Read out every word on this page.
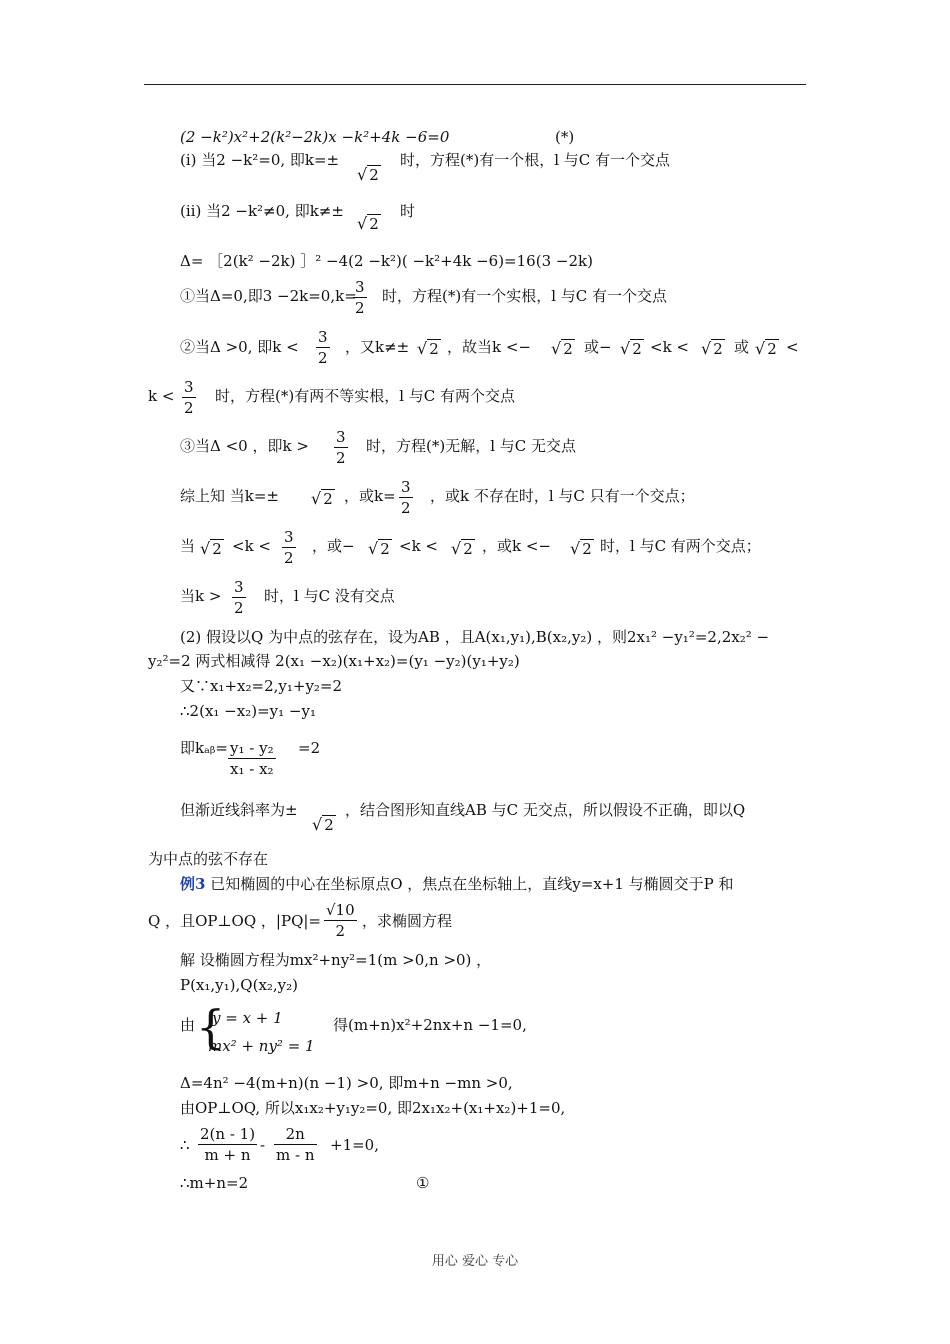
(2 −k²)x²+2(k²−2k)x −k²+4k −6=0	(*)
(ⅰ) 当2 −k²=0, 即k=±
√ 2
时，方程(*)有一个根，l 与C 有一个交点
(ⅱ) 当2 −k²≠0, 即k≠±
√ 2
时
Δ= ［2(k² −2k) ］² −4(2 −k²)( −k²+4k −6)=16(3 −2k)
①当Δ=0,即3 −2k=0,k=
$\frac{3}{2}$ 时，方程(*)有一个实根，l 与C 有一个交点
②当Δ >0, 即$k < \frac{3}{2}$ ，又k≠± √ 2 ，故当k <− √ 2 或− √ 2 <k < √ 2 或 √ 2 <
$k < \frac{3}{2}$ 时，方程(*)有两不等实根，l 与C 有两个交点
③当Δ <0 ，即$k > \frac{3}{2}$ 时，方程(*)无解，l 与C 无交点
综上知 当k=± √ 2 ，或$k= \frac{3}{2}$ ，或k 不存在时，l 与C 只有一个交点；
当 √ $2 <k < \frac{3}{2}$ ，或− √ 2 <k < √ 2 ，或k <− √ 2 时，l 与C 有两个交点；
当$k > \frac{3}{2}$ 时，l 与C 没有交点
(2) 假设以Q 为中点的弦存在，设为AB ，且A(x₁,y₁),B(x₂,y₂) ，则2x₁² −y₁²=2,2x₂² −
y₂²=2 两式相减得 2(x₁ −x₂)(x₁+x₂)=(y₁ −y₂)(y₁+y₂)
又∵x₁+x₂=2,y₁+y₂=2
∴2(x₁ −x₂)=y₁ −y₁
即kₐᵦ= $\frac{\text{y₁ - y₂}}{\text{x₁ - x₂}} =2$
但渐近线斜率为±
√ 2
，结合图形知直线AB 与C 无交点，所以假设不正确，即以Q
为中点的弦不存在
例3 已知椭圆的中心在坐标原点O ，焦点在坐标轴上，直线y=x+1 与椭圆交于P 和
Q ，且OP⊥OQ ，$|PQ|= \frac{√10}{2}$ ，求椭圆方程
解 设椭圆方程为mx²+ny²=1(m >0,n >0) ，
P(x₁,y₁),Q(x₂,y₂)
由 {
y = x + 1
mx² + ny² = 1
得(m+n)x²+2nx+n −1=0,
Δ=4n² −4(m+n)(n −1) >0, 即m+n −mn >0,
由OP⊥OQ, 所以x₁x₂+y₁y₂=0, 即2x₁x₂+(x₁+x₂)+1=0,
∴ $\frac{2(n - 1)}{m + n} - \frac{2n}{m - n} +1=0$,
∴m+n=2	①
用心 爱心 专心
